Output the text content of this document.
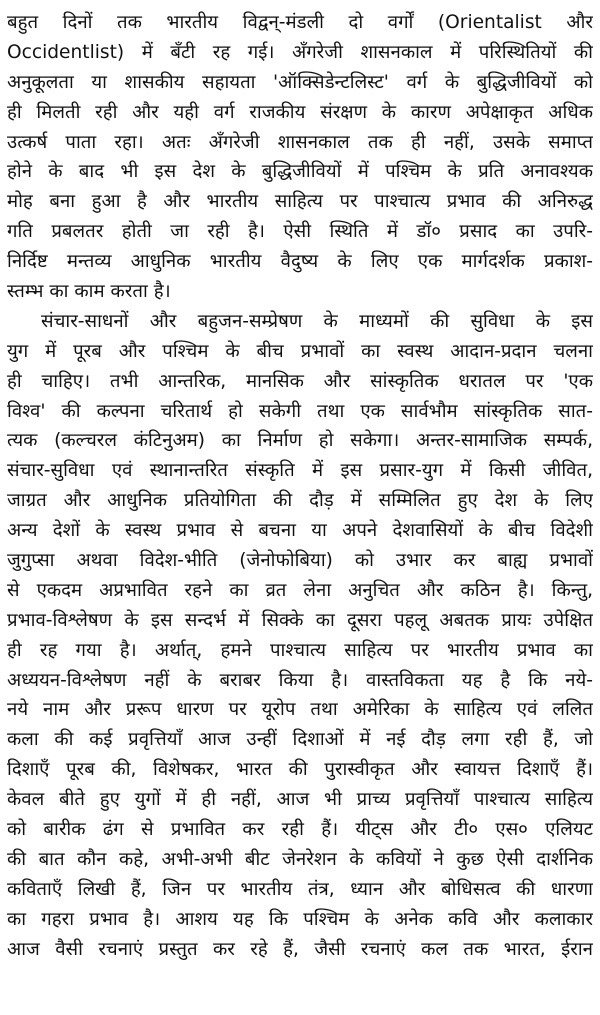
बहुत दिनों तक भारतीय विद्वन्-मंडली दो वर्गों (Orientalist और
Occidentlist) में बँटी रह गई। अँगरेजी शासनकाल में परिस्थितियों की
अनुकूलता या शासकीय सहायता 'ऑक्सिडेन्टलिस्ट' वर्ग के बुद्धिजीवियों को
ही मिलती रही और यही वर्ग राजकीय संरक्षण के कारण अपेक्षाकृत अधिक
उत्कर्ष पाता रहा। अतः अँगरेजी शासनकाल तक ही नहीं, उसके समाप्त
होने के बाद भी इस देश के बुद्धिजीवियों में पश्चिम के प्रति अनावश्यक
मोह बना हुआ है और भारतीय साहित्य पर पाश्चात्य प्रभाव की अनिरुद्ध
गति प्रबलतर होती जा रही है। ऐसी स्थिति में डॉ० प्रसाद का उपरि-
निर्दिष्ट मन्तव्य आधुनिक भारतीय वैदुष्य के लिए एक मार्गदर्शक प्रकाश-
स्तम्भ का काम करता है।
संचार-साधनों और बहुजन-सम्प्रेषण के माध्यमों की सुविधा के इस
युग में पूरब और पश्चिम के बीच प्रभावों का स्वस्थ आदान-प्रदान चलना
ही चाहिए। तभी आन्तरिक, मानसिक और सांस्कृतिक धरातल पर 'एक
विश्व' की कल्पना चरितार्थ हो सकेगी तथा एक सार्वभौम सांस्कृतिक सात-
त्यक (कल्चरल कंटिनुअम) का निर्माण हो सकेगा। अन्तर-सामाजिक सम्पर्क,
संचार-सुविधा एवं स्थानान्तरित संस्कृति में इस प्रसार-युग में किसी जीवित,
जाग्रत और आधुनिक प्रतियोगिता की दौड़ में सम्मिलित हुए देश के लिए
अन्य देशों के स्वस्थ प्रभाव से बचना या अपने देशवासियों के बीच विदेशी
जुगुप्सा अथवा विदेश-भीति (जेनोफोबिया) को उभार कर बाह्य प्रभावों
से एकदम अप्रभावित रहने का व्रत लेना अनुचित और कठिन है। किन्तु,
प्रभाव-विश्लेषण के इस सन्दर्भ में सिक्के का दूसरा पहलू अबतक प्रायः उपेक्षित
ही रह गया है। अर्थात्, हमने पाश्चात्य साहित्य पर भारतीय प्रभाव का
अध्ययन-विश्लेषण नहीं के बराबर किया है। वास्तविकता यह है कि नये-
नये नाम और प्ररूप धारण पर यूरोप तथा अमेरिका के साहित्य एवं ललित
कला की कई प्रवृत्तियाँ आज उन्हीं दिशाओं में नई दौड़ लगा रही हैं, जो
दिशाएँ पूरब की, विशेषकर, भारत की पुरास्वीकृत और स्वायत्त दिशाएँ हैं।
केवल बीते हुए युगों में ही नहीं, आज भी प्राच्य प्रवृत्तियाँ पाश्चात्य साहित्य
को बारीक ढंग से प्रभावित कर रही हैं। यीट्स और टी० एस० एलियट
की बात कौन कहे, अभी-अभी बीट जेनरेशन के कवियों ने कुछ ऐसी दार्शनिक
कविताएँ लिखी हैं, जिन पर भारतीय तंत्र, ध्यान और बोधिसत्व की धारणा
का गहरा प्रभाव है। आशय यह कि पश्चिम के अनेक कवि और कलाकार
आज वैसी रचनाएं प्रस्तुत कर रहे हैं, जैसी रचनाएं कल तक भारत, ईरान
